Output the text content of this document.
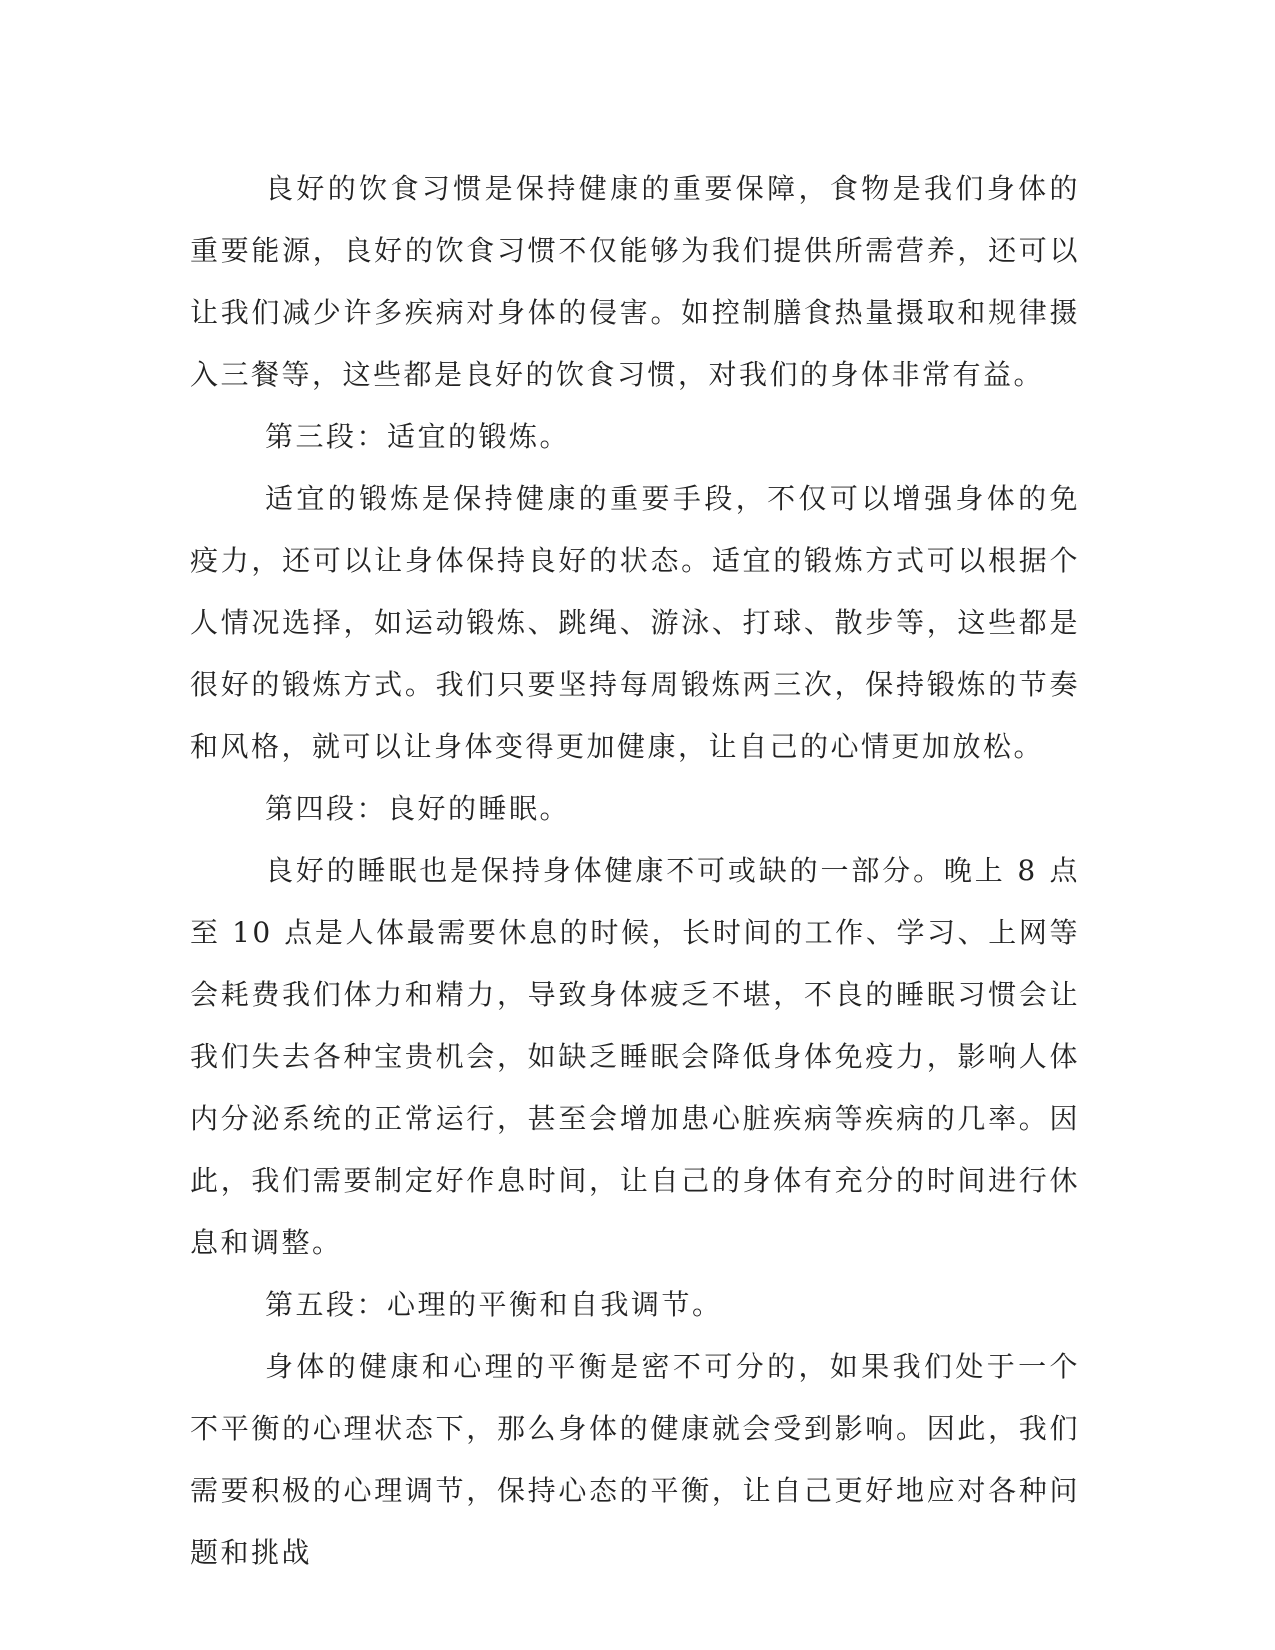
良好的饮食习惯是保持健康的重要保障，食物是我们身体的重要能源，良好的饮食习惯不仅能够为我们提供所需营养，还可以让我们减少许多疾病对身体的侵害。如控制膳食热量摄取和规律摄入三餐等，这些都是良好的饮食习惯，对我们的身体非常有益。

第三段：适宜的锻炼。

适宜的锻炼是保持健康的重要手段，不仅可以增强身体的免疫力，还可以让身体保持良好的状态。适宜的锻炼方式可以根据个人情况选择，如运动锻炼、跳绳、游泳、打球、散步等，这些都是很好的锻炼方式。我们只要坚持每周锻炼两三次，保持锻炼的节奏和风格，就可以让身体变得更加健康，让自己的心情更加放松。

第四段：良好的睡眠。

良好的睡眠也是保持身体健康不可或缺的一部分。晚上 8 点至 10 点是人体最需要休息的时候，长时间的工作、学习、上网等会耗费我们体力和精力，导致身体疲乏不堪，不良的睡眠习惯会让我们失去各种宝贵机会，如缺乏睡眠会降低身体免疫力，影响人体内分泌系统的正常运行，甚至会增加患心脏疾病等疾病的几率。因此，我们需要制定好作息时间，让自己的身体有充分的时间进行休息和调整。

第五段：心理的平衡和自我调节。

身体的健康和心理的平衡是密不可分的，如果我们处于一个不平衡的心理状态下，那么身体的健康就会受到影响。因此，我们需要积极的心理调节，保持心态的平衡，让自己更好地应对各种问题和挑战
